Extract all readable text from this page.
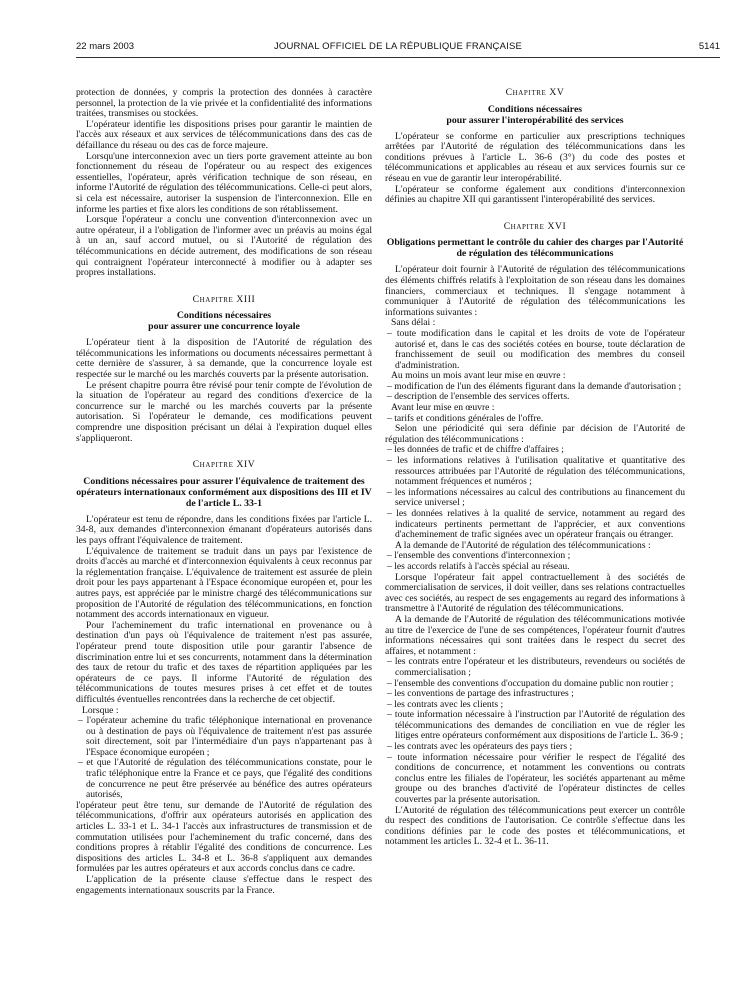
22 mars 2003	JOURNAL OFFICIEL DE LA RÉPUBLIQUE FRANÇAISE	5141

protection de données, y compris la protection des données à caractère personnel, la protection de la vie privée et la confidentialité des informations traitées, transmises ou stockées.

L'opérateur identifie les dispositions prises pour garantir le maintien de l'accès aux réseaux et aux services de télécommunications dans des cas de défaillance du réseau ou des cas de force majeure.

Lorsqu'une interconnexion avec un tiers porte gravement atteinte au bon fonctionnement du réseau de l'opérateur ou au respect des exigences essentielles, l'opérateur, après vérification technique de son réseau, en informe l'Autorité de régulation des télécommunications. Celle-ci peut alors, si cela est nécessaire, autoriser la suspension de l'interconnexion. Elle en informe les parties et fixe alors les conditions de son rétablissement.

Lorsque l'opérateur a conclu une convention d'interconnexion avec un autre opérateur, il a l'obligation de l'informer avec un préavis au moins égal à un an, sauf accord mutuel, ou si l'Autorité de régulation des télécommunications en décide autrement, des modifications de son réseau qui contraignent l'opérateur interconnecté à modifier ou à adapter ses propres installations.

Chapitre XIII
Conditions nécessaires
pour assurer une concurrence loyale

L'opérateur tient à la disposition de l'Autorité de régulation des télécommunications les informations ou documents nécessaires permettant à cette dernière de s'assurer, à sa demande, que la concurrence loyale est respectée sur le marché ou les marchés couverts par la présente autorisation.

Le présent chapitre pourra être révisé pour tenir compte de l'évolution de la situation de l'opérateur au regard des conditions d'exercice de la concurrence sur le marché ou les marchés couverts par la présente autorisation. Si l'opérateur le demande, ces modifications peuvent comprendre une disposition précisant un délai à l'expiration duquel elles s'appliqueront.

Chapitre XIV
Conditions nécessaires pour assurer l'équivalence de traitement des opérateurs internationaux conformément aux dispositions des III et IV de l'article L. 33-1

L'opérateur est tenu de répondre, dans les conditions fixées par l'article L. 34-8, aux demandes d'interconnexion émanant d'opérateurs autorisés dans les pays offrant l'équivalence de traitement.

L'équivalence de traitement se traduit dans un pays par l'existence de droits d'accès au marché et d'interconnexion équivalents à ceux reconnus par la réglementation française. L'équivalence de traitement est assurée de plein droit pour les pays appartenant à l'Espace économique européen et, pour les autres pays, est appréciée par le ministre chargé des télécommunications sur proposition de l'Autorité de régulation des télécommunications, en fonction notamment des accords internationaux en vigueur.

Pour l'acheminement du trafic international en provenance ou à destination d'un pays où l'équivalence de traitement n'est pas assurée, l'opérateur prend toute disposition utile pour garantir l'absence de discrimination entre lui et ses concurrents, notamment dans la détermination des taux de retour du trafic et des taxes de répartition appliquées par les opérateurs de ce pays. Il informe l'Autorité de régulation des télécommunications de toutes mesures prises à cet effet et de toutes difficultés éventuelles rencontrées dans la recherche de cet objectif.

Lorsque :

– l'opérateur achemine du trafic téléphonique international en provenance ou à destination de pays où l'équivalence de traitement n'est pas assurée soit directement, soit par l'intermédiaire d'un pays n'appartenant pas à l'Espace économique européen ;

– et que l'Autorité de régulation des télécommunications constate, pour le trafic téléphonique entre la France et ce pays, que l'égalité des conditions de concurrence ne peut être préservée au bénéfice des autres opérateurs autorisés,

l'opérateur peut être tenu, sur demande de l'Autorité de régulation des télécommunications, d'offrir aux opérateurs autorisés en application des articles L. 33-1 et L. 34-1 l'accès aux infrastructures de transmission et de commutation utilisées pour l'acheminement du trafic concerné, dans des conditions propres à rétablir l'égalité des conditions de concurrence. Les dispositions des articles L. 34-8 et L. 36-8 s'appliquent aux demandes formulées par les autres opérateurs et aux accords conclus dans ce cadre.

L'application de la présente clause s'effectue dans le respect des engagements internationaux souscrits par la France.

Chapitre XV
Conditions nécessaires
pour assurer l'interopérabilité des services

L'opérateur se conforme en particulier aux prescriptions techniques arrêtées par l'Autorité de régulation des télécommunications dans les conditions prévues à l'article L. 36-6 (3°) du code des postes et télécommunications et applicables au réseau et aux services fournis sur ce réseau en vue de garantir leur interopérabilité.

L'opérateur se conforme également aux conditions d'interconnexion définies au chapitre XII qui garantissent l'interopérabilité des services.

Chapitre XVI
Obligations permettant le contrôle du cahier des charges par l'Autorité de régulation des télécommunications

L'opérateur doit fournir à l'Autorité de régulation des télécommunications des éléments chiffrés relatifs à l'exploitation de son réseau dans les domaines financiers, commerciaux et techniques. Il s'engage notamment à communiquer à l'Autorité de régulation des télécommunications les informations suivantes :

Sans délai :

– toute modification dans le capital et les droits de vote de l'opérateur autorisé et, dans le cas des sociétés cotées en bourse, toute déclaration de franchissement de seuil ou modification des membres du conseil d'administration.

Au moins un mois avant leur mise en œuvre :

– modification de l'un des éléments figurant dans la demande d'autorisation ;

– description de l'ensemble des services offerts.

Avant leur mise en œuvre :

– tarifs et conditions générales de l'offre.

Selon une périodicité qui sera définie par décision de l'Autorité de régulation des télécommunications :

– les données de trafic et de chiffre d'affaires ;

– les informations relatives à l'utilisation qualitative et quantitative des ressources attribuées par l'Autorité de régulation des télécommunications, notamment fréquences et numéros ;

– les informations nécessaires au calcul des contributions au financement du service universel ;

– les données relatives à la qualité de service, notamment au regard des indicateurs pertinents permettant de l'apprécier, et aux conventions d'acheminement de trafic signées avec un opérateur français ou étranger.

A la demande de l'Autorité de régulation des télécommunications :

– l'ensemble des conventions d'interconnexion ;

– les accords relatifs à l'accès spécial au réseau.

Lorsque l'opérateur fait appel contractuellement à des sociétés de commercialisation de services, il doit veiller, dans ses relations contractuelles avec ces sociétés, au respect de ses engagements au regard des informations à transmettre à l'Autorité de régulation des télécommunications.

A la demande de l'Autorité de régulation des télécommunications motivée au titre de l'exercice de l'une de ses compétences, l'opérateur fournit d'autres informations nécessaires qui sont traitées dans le respect du secret des affaires, et notamment :

– les contrats entre l'opérateur et les distributeurs, revendeurs ou sociétés de commercialisation ;

– l'ensemble des conventions d'occupation du domaine public non routier ;

– les conventions de partage des infrastructures ;

– les contrats avec les clients ;

– toute information nécessaire à l'instruction par l'Autorité de régulation des télécommunications des demandes de conciliation en vue de régler les litiges entre opérateurs conformément aux dispositions de l'article L. 36-9 ;

– les contrats avec les opérateurs des pays tiers ;

– toute information nécessaire pour vérifier le respect de l'égalité des conditions de concurrence, et notamment les conventions ou contrats conclus entre les filiales de l'opérateur, les sociétés appartenant au même groupe ou des branches d'activité de l'opérateur distinctes de celles couvertes par la présente autorisation.

L'Autorité de régulation des télécommunications peut exercer un contrôle du respect des conditions de l'autorisation. Ce contrôle s'effectue dans les conditions définies par le code des postes et télécommunications, et notamment les articles L. 32-4 et L. 36-11.
